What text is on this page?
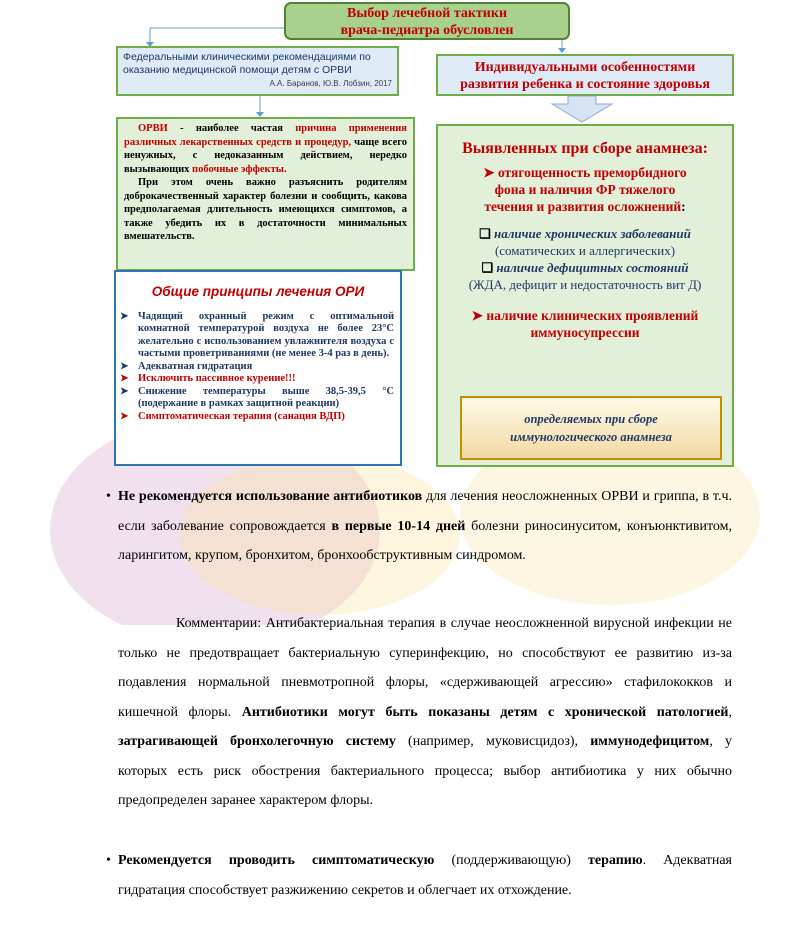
Выбор лечебной тактики
врача-педиатра обусловлен
Федеральными клиническими рекомендациями по оказанию медицинской помощи детям с ОРВИ
А.А. Баранов, Ю.В. Лобзин, 2017
Индивидуальными особенностями
развития ребенка и состояние здоровья

ОРВИ - наиболее частая причина применения различных лекарственных средств и процедур, чаще всего ненужных, с недоказанным действием, нередко вызывающих побочные эффекты.

При этом очень важно разъяснить родителям доброкачественный характер болезни и сообщить, какова предполагаемая длительность имеющихся симптомов, а также убедить их в достаточности минимальных вмешательств.

Общие принципы лечения ОРИ
➤ Чадящий охранный режим с оптимальной комнатной температурой воздуха не более 23°С желательно с использованием увлажнителя воздуха с частыми проветриваниями (не менее 3-4 раз в день).
➤ Адекватная гидратация
➤ Исключить пассивное курение!!!
➤ Снижение температуры выше 38,5-39,5 °С (подержание в рамках защитной реакции)
➤ Симптоматическая терапия (санация ВДП)
Выявленных при сборе анамнеза:
➤ отягощенность преморбидного
фона и наличия ФР тяжелого
течения и развития осложнений:
❑ наличие хронических заболеваний
(соматических и аллергических)
❑ наличие дефицитных состояний
(ЖДА, дефицит и недостаточность вит Д)
➤ наличие клинических проявлений
иммуносупрессии
определяемых при сборе
иммунологического анамнеза
• Не рекомендуется использование антибиотиков для лечения неосложненных ОРВИ и гриппа, в т.ч. если заболевание сопровождается в первые 10-14 дней болезни риносинуситом, конъюнктивитом, ларингитом, крупом, бронхитом, бронхообструктивным синдромом.
Комментарии: Антибактериальная терапия в случае неосложненной вирусной инфекции не только не предотвращает бактериальную суперинфекцию, но способствуют ее развитию из-за подавления нормальной пневмотропной флоры, «сдерживающей агрессию» стафилококков и кишечной флоры. Антибиотики могут быть показаны детям с хронической патологией, затрагивающей бронхолегочную систему (например, муковисцидоз), иммунодефицитом, у которых есть риск обострения бактериального процесса; выбор антибиотика у них обычно предопределен заранее характером флоры.
• Рекомендуется проводить симптоматическую (поддерживающую) терапию. Адекватная гидратация способствует разжижению секретов и облегчает их отхождение.
